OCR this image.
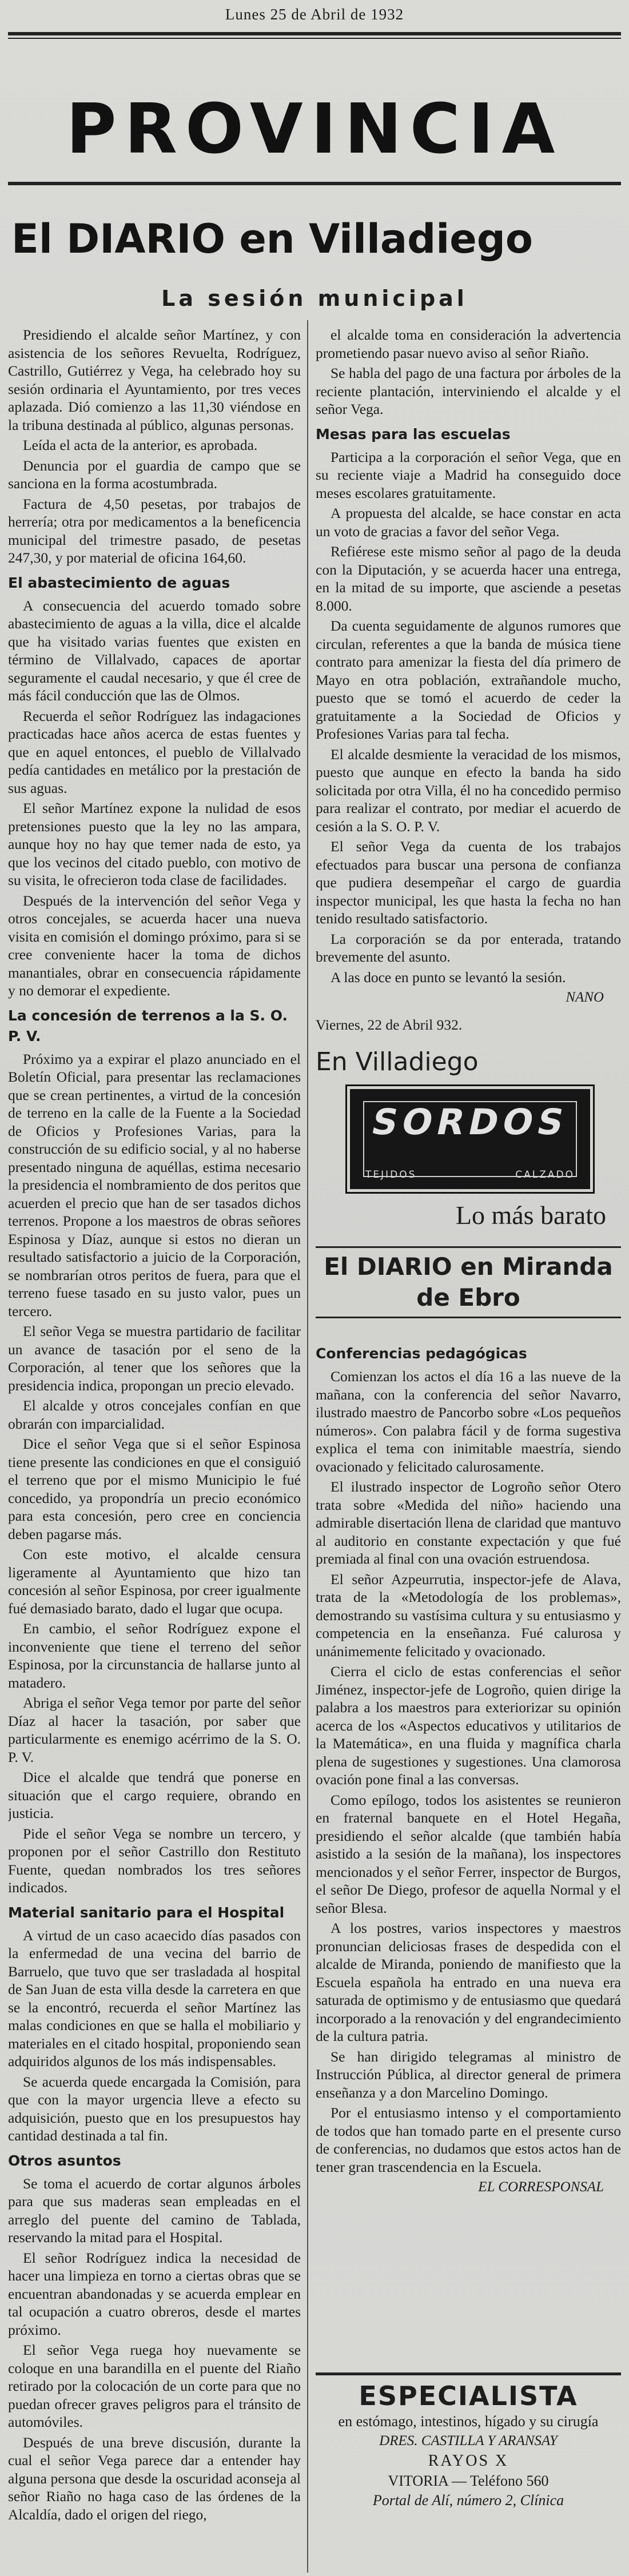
Lunes 25 de Abril de 1932
PROVINCIA
El DIARIO en Villadiego
La sesión municipal

Presidiendo el alcalde señor Martínez, y con asistencia de los señores Revuelta, Rodríguez, Castrillo, Gutiérrez y Vega, ha celebrado hoy su sesión ordinaria el Ayuntamiento, por tres veces aplazada. Dió comienzo a las 11,30 viéndose en la tribuna destinada al público, algunas personas.

Leída el acta de la anterior, es aprobada.

Denuncia por el guardia de campo que se sanciona en la forma acostumbrada.

Factura de 4,50 pesetas, por trabajos de herrería; otra por medicamentos a la beneficencia municipal del trimestre pasado, de pesetas 247,30, y por material de oficina 164,60.

El abastecimiento de aguas

A consecuencia del acuerdo tomado sobre abastecimiento de aguas a la villa, dice el alcalde que ha visitado varias fuentes que existen en término de Villalvado, capaces de aportar seguramente el caudal necesario, y que él cree de más fácil conducción que las de Olmos.

Recuerda el señor Rodríguez las indagaciones practicadas hace años acerca de estas fuentes y que en aquel entonces, el pueblo de Villalvado pedía cantidades en metálico por la prestación de sus aguas.

El señor Martínez expone la nulidad de esos pretensiones puesto que la ley no las ampara, aunque hoy no hay que temer nada de esto, ya que los vecinos del citado pueblo, con motivo de su visita, le ofrecieron toda clase de facilidades.

Después de la intervención del señor Vega y otros concejales, se acuerda hacer una nueva visita en comisión el domingo próximo, para si se cree conveniente hacer la toma de dichos manantiales, obrar en consecuencia rápidamente y no demorar el expediente.

La concesión de terrenos a la S. O. P. V.

Próximo ya a expirar el plazo anunciado en el Boletín Oficial, para presentar las reclamaciones que se crean pertinentes, a virtud de la concesión de terreno en la calle de la Fuente a la Sociedad de Oficios y Profesiones Varias, para la construcción de su edificio social, y al no haberse presentado ninguna de aquéllas, estima necesario la presidencia el nombramiento de dos peritos que acuerden el precio que han de ser tasados dichos terrenos. Propone a los maestros de obras señores Espinosa y Díaz, aunque si estos no dieran un resultado satisfactorio a juicio de la Corporación, se nombrarían otros peritos de fuera, para que el terreno fuese tasado en su justo valor, pues un tercero.

El señor Vega se muestra partidario de facilitar un avance de tasación por el seno de la Corporación, al tener que los señores que la presidencia indica, propongan un precio elevado.

El alcalde y otros concejales confían en que obrarán con imparcialidad.

Dice el señor Vega que si el señor Espinosa tiene presente las condiciones en que el consiguió el terreno que por el mismo Municipio le fué concedido, ya propondría un precio económico para esta concesión, pero cree en conciencia deben pagarse más.

Con este motivo, el alcalde censura ligeramente al Ayuntamiento que hizo tan concesión al señor Espinosa, por creer igualmente fué demasiado barato, dado el lugar que ocupa.

En cambio, el señor Rodríguez expone el inconveniente que tiene el terreno del señor Espinosa, por la circunstancia de hallarse junto al matadero.

Abriga el señor Vega temor por parte del señor Díaz al hacer la tasación, por saber que particularmente es enemigo acérrimo de la S. O. P. V.

Dice el alcalde que tendrá que ponerse en situación que el cargo requiere, obrando en justicia.

Pide el señor Vega se nombre un tercero, y proponen por el señor Castrillo don Restituto Fuente, quedan nombrados los tres señores indicados.

Material sanitario para el Hospital

A virtud de un caso acaecido días pasados con la enfermedad de una vecina del barrio de Barruelo, que tuvo que ser trasladada al hospital de San Juan de esta villa desde la carretera en que se la encontró, recuerda el señor Martínez las malas condiciones en que se halla el mobiliario y materiales en el citado hospital, proponiendo sean adquiridos algunos de los más indispensables.

Se acuerda quede encargada la Comisión, para que con la mayor urgencia lleve a efecto su adquisición, puesto que en los presupuestos hay cantidad destinada a tal fin.

Otros asuntos

Se toma el acuerdo de cortar algunos árboles para que sus maderas sean empleadas en el arreglo del puente del camino de Tablada, reservando la mitad para el Hospital.

El señor Rodríguez indica la necesidad de hacer una limpieza en torno a ciertas obras que se encuentran abandonadas y se acuerda emplear en tal ocupación a cuatro obreros, desde el martes próximo.

El señor Vega ruega hoy nuevamente se coloque en una barandilla en el puente del Riaño retirado por la colocación de un corte para que no puedan ofrecer graves peligros para el tránsito de automóviles.

Después de una breve discusión, durante la cual el señor Vega parece dar a entender hay alguna persona que desde la oscuridad aconseja al señor Riaño no haga caso de las órdenes de la Alcaldía, dado el origen del riego,

el alcalde toma en consideración la advertencia prometiendo pasar nuevo aviso al señor Riaño.

Se habla del pago de una factura por árboles de la reciente plantación, interviniendo el alcalde y el señor Vega.

Mesas para las escuelas

Participa a la corporación el señor Vega, que en su reciente viaje a Madrid ha conseguido doce meses escolares gratuitamente.

A propuesta del alcalde, se hace constar en acta un voto de gracias a favor del señor Vega.

Refiérese este mismo señor al pago de la deuda con la Diputación, y se acuerda hacer una entrega, en la mitad de su importe, que asciende a pesetas 8.000.

Da cuenta seguidamente de algunos rumores que circulan, referentes a que la banda de música tiene contrato para amenizar la fiesta del día primero de Mayo en otra población, extrañandole mucho, puesto que se tomó el acuerdo de ceder la gratuitamente a la Sociedad de Oficios y Profesiones Varias para tal fecha.

El alcalde desmiente la veracidad de los mismos, puesto que aunque en efecto la banda ha sido solicitada por otra Villa, él no ha concedido permiso para realizar el contrato, por mediar el acuerdo de cesión a la S. O. P. V.

El señor Vega da cuenta de los trabajos efectuados para buscar una persona de confianza que pudiera desempeñar el cargo de guardia inspector municipal, les que hasta la fecha no han tenido resultado satisfactorio.

La corporación se da por enterada, tratando brevemente del asunto.

A las doce en punto se levantó la sesión.

NANO
Viernes, 22 de Abril 932.
En Villadiego
SORDOS
TEJIDOS	CALZADO
Lo más barato
El DIARIO en Miranda de Ebro
Conferencias pedagógicas

Comienzan los actos el día 16 a las nueve de la mañana, con la conferencia del señor Navarro, ilustrado maestro de Pancorbo sobre «Los pequeños números». Con palabra fácil y de forma sugestiva explica el tema con inimitable maestría, siendo ovacionado y felicitado calurosamente.

El ilustrado inspector de Logroño señor Otero trata sobre «Medida del niño» haciendo una admirable disertación llena de claridad que mantuvo al auditorio en constante expectación y que fué premiada al final con una ovación estruendosa.

El señor Azpeurrutia, inspector-jefe de Alava, trata de la «Metodología de los problemas», demostrando su vastísima cultura y su entusiasmo y competencia en la enseñanza. Fué calurosa y unánimemente felicitado y ovacionado.

Cierra el ciclo de estas conferencias el señor Jiménez, inspector-jefe de Logroño, quien dirige la palabra a los maestros para exteriorizar su opinión acerca de los «Aspectos educativos y utilitarios de la Matemática», en una fluida y magnífica charla plena de sugestiones y sugestiones. Una clamorosa ovación pone final a las conversas.

Como epílogo, todos los asistentes se reunieron en fraternal banquete en el Hotel Hegaña, presidiendo el señor alcalde (que también había asistido a la sesión de la mañana), los inspectores mencionados y el señor Ferrer, inspector de Burgos, el señor De Diego, profesor de aquella Normal y el señor Blesa.

A los postres, varios inspectores y maestros pronuncian deliciosas frases de despedida con el alcalde de Miranda, poniendo de manifiesto que la Escuela española ha entrado en una nueva era saturada de optimismo y de entusiasmo que quedará incorporado a la renovación y del engrandecimiento de la cultura patria.

Se han dirigido telegramas al ministro de Instrucción Pública, al director general de primera enseñanza y a don Marcelino Domingo.

Por el entusiasmo intenso y el comportamiento de todos que han tomado parte en el presente curso de conferencias, no dudamos que estos actos han de tener gran trascendencia en la Escuela.

EL CORRESPONSAL
ESPECIALISTA
en estómago, intestinos, hígado y su cirugía
DRES. CASTILLA Y ARANSAY
RAYOS X
VITORIA — Teléfono 560
Portal de Alí, número 2, Clínica
